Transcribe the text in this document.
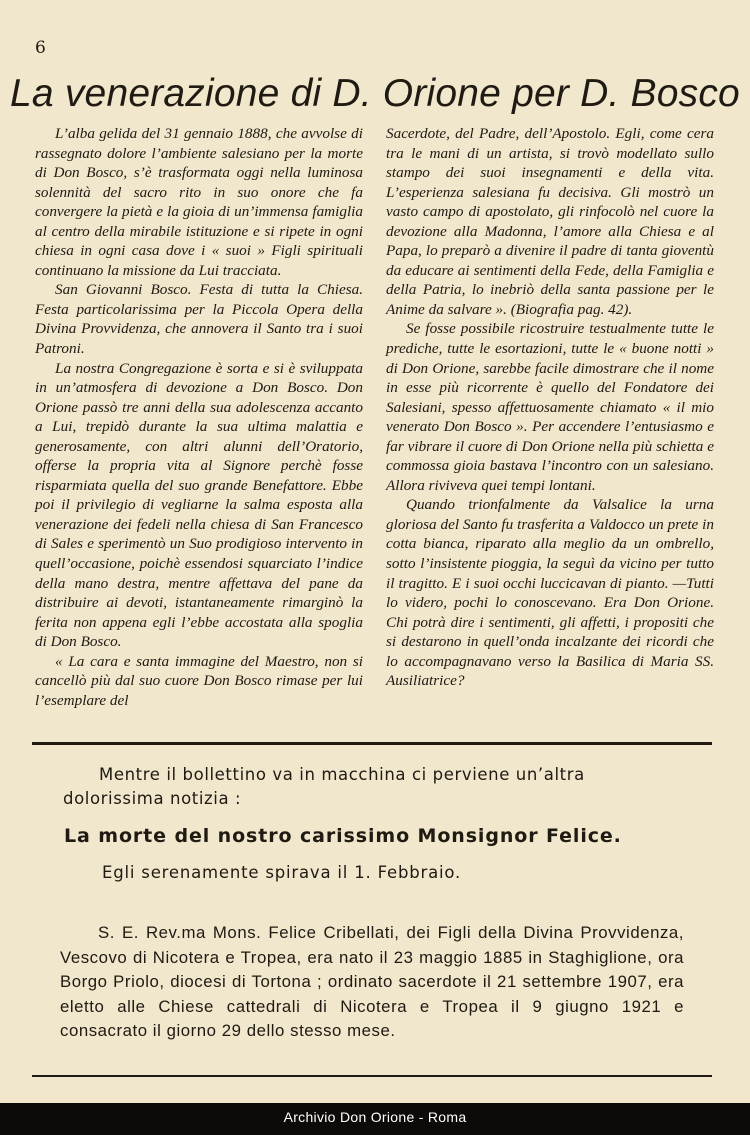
6
La venerazione di D. Orione per D. Bosco

L’alba gelida del 31 gennaio 1888, che avvolse di rassegnato dolore l’ambiente salesiano per la morte di Don Bosco, s’è trasformata oggi nella luminosa solennità del sacro rito in suo onore che fa convergere la pietà e la gioia di un’immensa famiglia al centro della mirabile istituzione e si ripete in ogni chiesa in ogni casa dove i « suoi » Figli spirituali continuano la missione da Lui tracciata.

San Giovanni Bosco. Festa di tutta la Chiesa. Festa particolarissima per la Piccola Opera della Divina Provvidenza, che annovera il Santo tra i suoi Patroni.

La nostra Congregazione è sorta e si è sviluppata in un’atmosfera di devozione a Don Bosco. Don Orione passò tre anni della sua adolescenza accanto a Lui, trepidò durante la sua ultima malattia e generosamente, con altri alunni dell’Oratorio, offerse la propria vita al Signore perchè fosse risparmiata quella del suo grande Benefattore. Ebbe poi il privilegio di vegliarne la salma esposta alla venerazione dei fedeli nella chiesa di San Francesco di Sales e sperimentò un Suo prodigioso intervento in quell’occasione, poichè essendosi squarciato l’indice della mano destra, mentre affettava del pane da distribuire ai devoti, istantaneamente rimarginò la ferita non appena egli l’ebbe accostata alla spoglia di Don Bosco.

« La cara e santa immagine del Maestro, non si cancellò più dal suo cuore Don Bosco rimase per lui l’esemplare del

Sacerdote, del Padre, dell’Apostolo. Egli, come cera tra le mani di un artista, si trovò modellato sullo stampo dei suoi insegnamenti e della vita. L’esperienza salesiana fu decisiva. Gli mostrò un vasto campo di apostolato, gli rinfocolò nel cuore la devozione alla Madonna, l’amore alla Chiesa e al Papa, lo preparò a divenire il padre di tanta gioventù da educare ai sentimenti della Fede, della Famiglia e della Patria, lo inebriò della santa passione per le Anime da salvare ». (Biografia pag. 42).

Se fosse possibile ricostruire testualmente tutte le prediche, tutte le esortazioni, tutte le « buone notti » di Don Orione, sarebbe facile dimostrare che il nome in esse più ricorrente è quello del Fondatore dei Salesiani, spesso affettuosamente chiamato « il mio venerato Don Bosco ». Per accendere l’entusiasmo e far vibrare il cuore di Don Orione nella più schietta e commossa gioia bastava l’incontro con un salesiano. Allora riviveva quei tempi lontani.

Quando trionfalmente da Valsalice la urna gloriosa del Santo fu trasferita a Valdocco un prete in cotta bianca, riparato alla meglio da un ombrello, sotto l’insistente pioggia, la seguì da vicino per tutto il tragitto. E i suoi occhi luccicavan di pianto. —Tutti lo videro, pochi lo conoscevano. Era Don Orione. Chi potrà dire i sentimenti, gli affetti, i propositi che si destarono in quell’onda incalzante dei ricordi che lo accompagnavano verso la Basilica di Maria SS. Ausiliatrice?

Mentre il bollettino va in macchina ci perviene un’altra dolorissima notizia :

La morte del nostro carissimo Monsignor Felice.

Egli serenamente spirava il 1. Febbraio.

S. E. Rev.ma Mons. Felice Cribellati, dei Figli della Divina Provvidenza, Vescovo di Nicotera e Tropea, era nato il 23 maggio 1885 in Staghiglione, ora Borgo Priolo, diocesi di Tortona ; ordinato sacerdote il 21 settembre 1907, era eletto alle Chiese cattedrali di Nicotera e Tropea il 9 giugno 1921 e consacrato il giorno 29 dello stesso mese.

Archivio Don Orione - Roma
